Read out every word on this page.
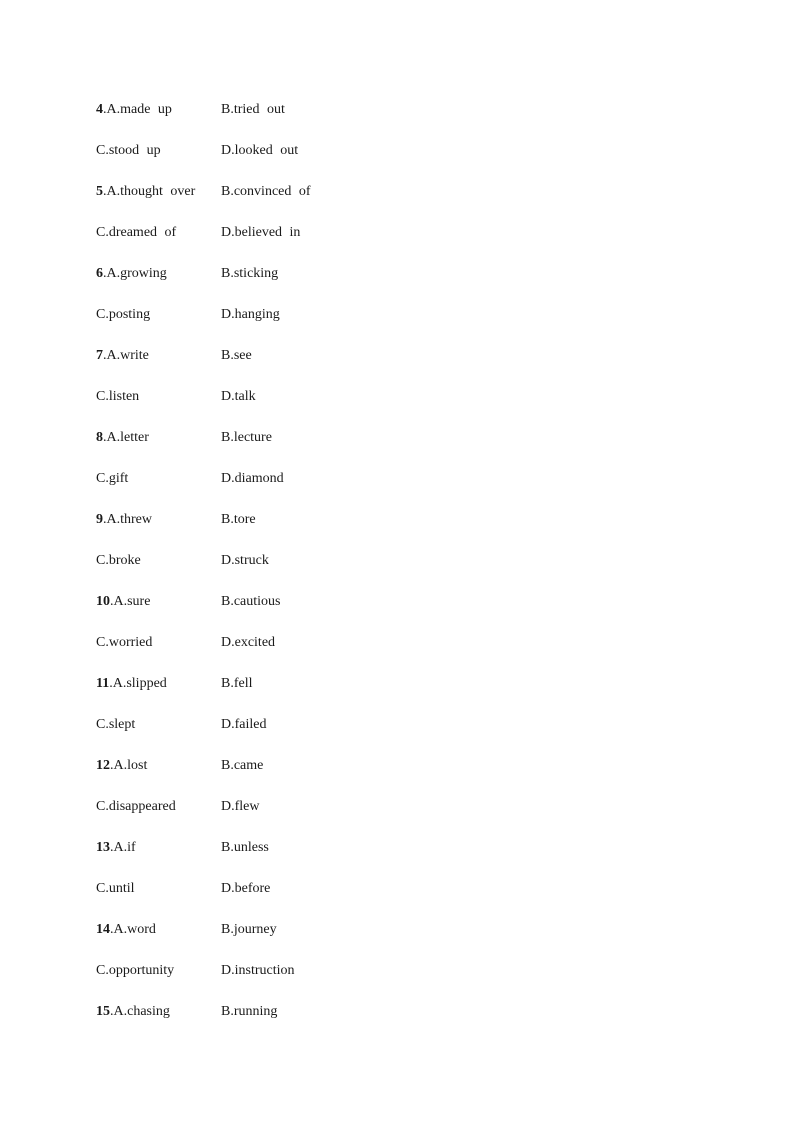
4 .A.made up	B.tried out
C.stood up	D.looked out
5 .A.thought over B.convinced of
C.dreamed of	D.believed in
6 .A.growing	B.sticking
C.posting	D.hanging
7 .A.write	B.see
C.listen	D.talk
8 .A.letter	B.lecture
C.gift	D.diamond
9 .A.threw	B.tore
C.broke	D.struck
10 .A.sure	B.cautious
C.worried	D.excited
11 .A.slipped	B.fell
C.slept	D.failed
12 .A.lost	B.came
C.disappeared	D.flew
13 .A.if	B.unless
C.until	D.before
14 .A.word	B.journey
C.opportunity	D.instruction
15 .A.chasing	B.running
